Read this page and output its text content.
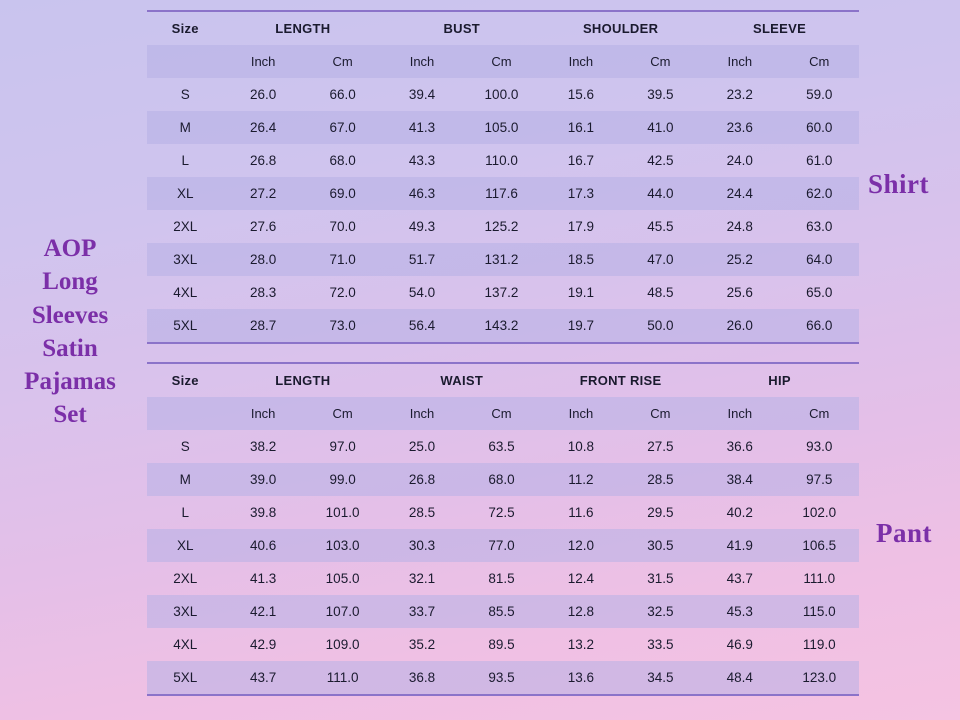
AOP
Long
Sleeves
Satin
Pajamas
Set
Shirt
Pant
Size	LENGTH		BUST		SHOULDER		SLEEVE	
	Inch	Cm	Inch	Cm	Inch	Cm	Inch	Cm
S	26.0	66.0	39.4	100.0	15.6	39.5	23.2	59.0
M	26.4	67.0	41.3	105.0	16.1	41.0	23.6	60.0
L	26.8	68.0	43.3	110.0	16.7	42.5	24.0	61.0
XL	27.2	69.0	46.3	117.6	17.3	44.0	24.4	62.0
2XL	27.6	70.0	49.3	125.2	17.9	45.5	24.8	63.0
3XL	28.0	71.0	51.7	131.2	18.5	47.0	25.2	64.0
4XL	28.3	72.0	54.0	137.2	19.1	48.5	25.6	65.0
5XL	28.7	73.0	56.4	143.2	19.7	50.0	26.0	66.0
Size	LENGTH		WAIST		FRONT RISE		HIP	
	Inch	Cm	Inch	Cm	Inch	Cm	Inch	Cm
S	38.2	97.0	25.0	63.5	10.8	27.5	36.6	93.0
M	39.0	99.0	26.8	68.0	11.2	28.5	38.4	97.5
L	39.8	101.0	28.5	72.5	11.6	29.5	40.2	102.0
XL	40.6	103.0	30.3	77.0	12.0	30.5	41.9	106.5
2XL	41.3	105.0	32.1	81.5	12.4	31.5	43.7	111.0
3XL	42.1	107.0	33.7	85.5	12.8	32.5	45.3	115.0
4XL	42.9	109.0	35.2	89.5	13.2	33.5	46.9	119.0
5XL	43.7	111.0	36.8	93.5	13.6	34.5	48.4	123.0
